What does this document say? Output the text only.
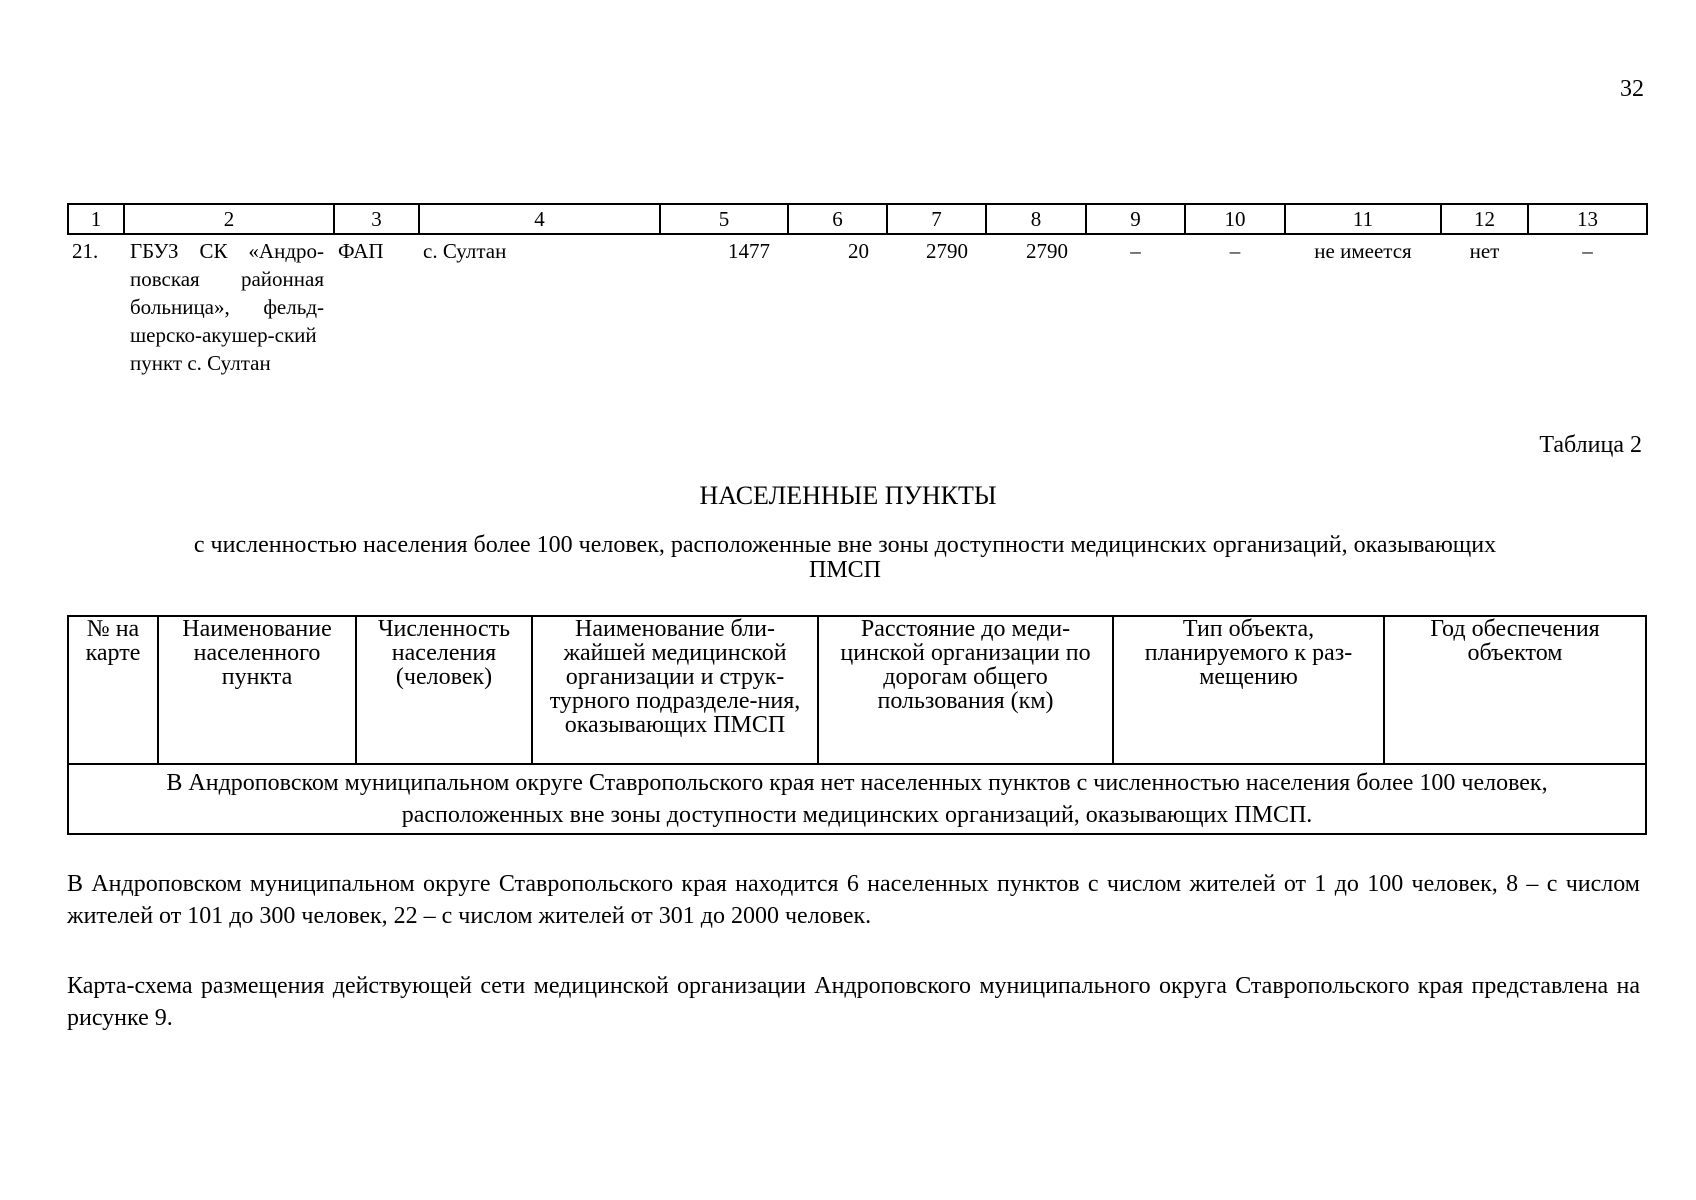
32
1	2	3	4	5	6	7	8	9	10	11	12	13
21.	ГБУЗ СК «Андро-повская районная больница», фельд-шерско-акушер-ский пункт с. Султан	ФАП	с. Султан	1477	20	2790	2790	–	–	не имеется	нет	–
Таблица 2
НАСЕЛЕННЫЕ ПУНКТЫ
с численностью населения более 100 человек, расположенные вне зоны доступности медицинских организаций, оказывающих ПМСП
№ на карте	Наименование населенного пункта	Численность населения (человек)	Наименование бли-жайшей медицинской организации и струк-турного подразделе-ния, оказывающих ПМСП	Расстояние до меди-цинской организации по дорогам общего пользования (км)	Тип объекта, планируемого к раз-мещению	Год обеспечения объектом
В Андроповском муниципальном округе Ставропольского края нет населенных пунктов с численностью населения более 100 человек, расположенных вне зоны доступности медицинских организаций, оказывающих ПМСП.

В Андроповском муниципальном округе Ставропольского края находится 6 населенных пунктов с числом жителей от 1 до 100 человек, 8 – с числом жителей от 101 до 300 человек, 22 – с числом жителей от 301 до 2000 человек.

Карта-схема размещения действующей сети медицинской организации Андроповского муниципального округа Ставропольского края представлена на рисунке 9.
